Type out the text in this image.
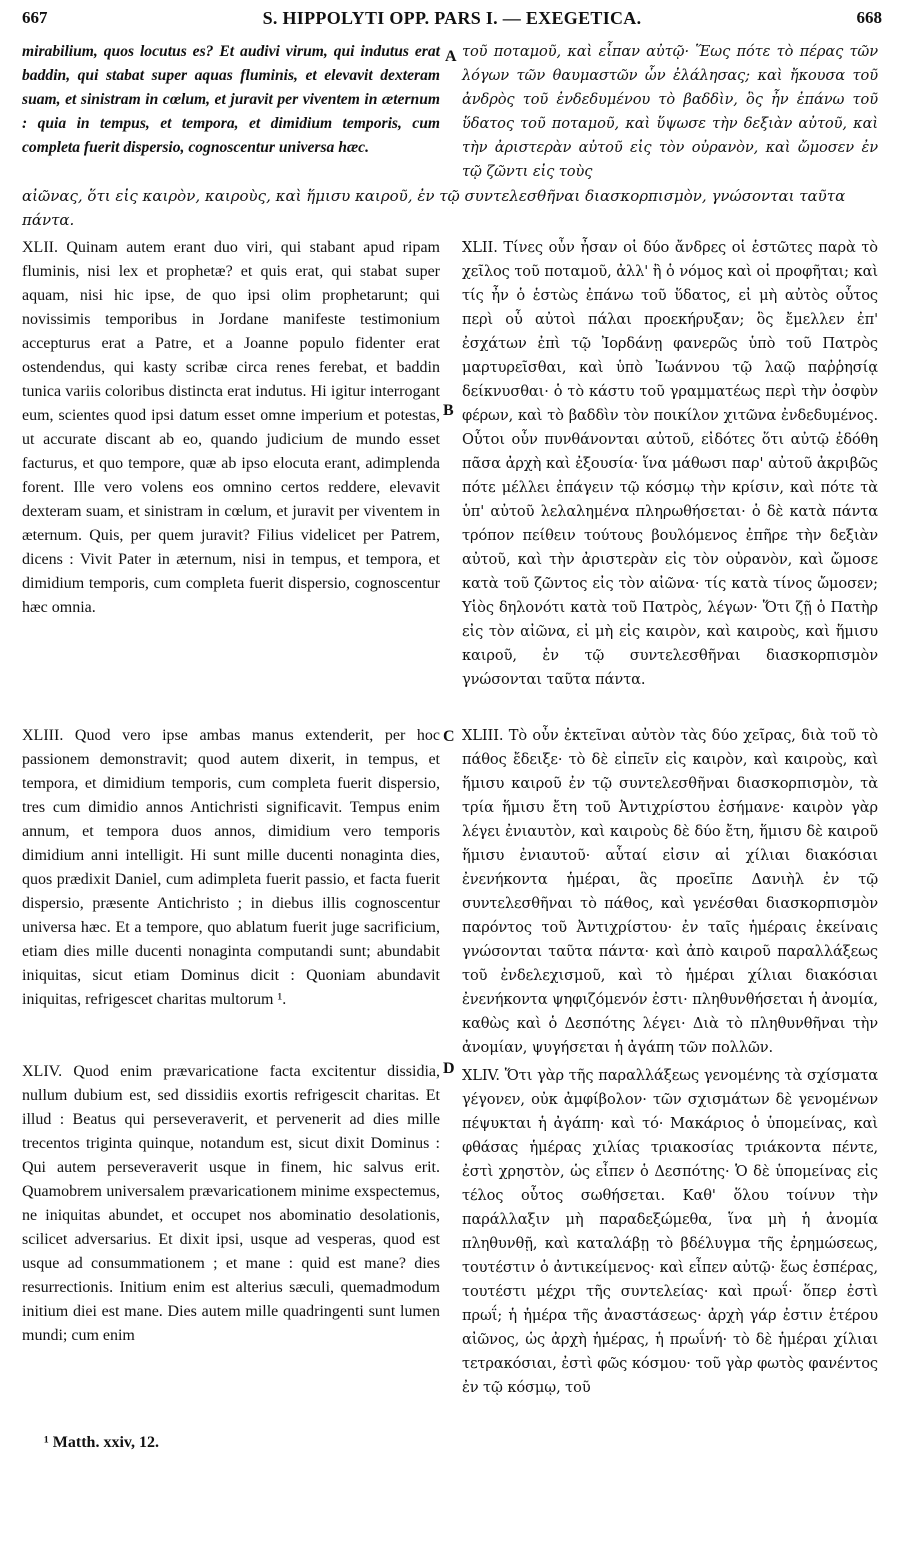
667	S. HIPPOLYTI OPP. PARS I. — EXEGETICA.	668

mirabilium, quos locutus es? Et audivi virum, qui indutus erat baddin, qui stabat super aquas fluminis, et elevavit dexteram suam, et sinistram in cœlum, et juravit per viventem in æternum : quia in tempus, et tempora, et dimidium temporis, cum completa fuerit dispersio, cognoscentur universa hæc.

A τοῦ ποταμοῦ, καὶ εἶπαν αὐτῷ· Ἕως πότε τὸ πέρας τῶν λόγων τῶν θαυμαστῶν ὧν ἐλάλησας; καὶ ἤκουσα τοῦ ἀνδρὸς τοῦ ἐνδεδυμένου τὸ βαδδὶν, ὃς ἦν ἐπάνω τοῦ ὕδατος τοῦ ποταμοῦ, καὶ ὕψωσε τὴν δεξιὰν αὐτοῦ, καὶ τὴν ἀριστερὰν αὐτοῦ εἰς τὸν οὐρανὸν, καὶ ὤμοσεν ἐν τῷ ζῶντι εἰς τοὺς

αἰῶνας, ὅτι εἰς καιρὸν, καιροὺς, καὶ ἥμισυ καιροῦ, ἐν τῷ συντελεσθῆναι διασκορπισμὸν, γνώσονται ταῦτα πάντα.

XLII. Quinam autem erant duo viri, qui stabant apud ripam fluminis, nisi lex et prophetæ? et quis erat, qui stabat super aquam, nisi hic ipse, de quo ipsi olim prophetarunt; qui novissimis temporibus in Jordane manifeste testimonium accepturus erat a Patre, et a Joanne populo fidenter erat ostendendus, qui kasty scribæ circa renes ferebat, et baddin tunica variis coloribus distincta erat indutus. Hi igitur interrogant eum, scientes quod ipsi datum esset omne imperium et potestas, ut accurate discant ab eo, quando judicium de mundo esset facturus, et quo tempore, quæ ab ipso elocuta erant, adimplenda forent. Ille vero volens eos omnino certos reddere, elevavit dexteram suam, et sinistram in cœlum, et juravit per viventem in æternum. Quis, per quem juravit? Filius videlicet per Patrem, dicens : Vivit Pater in æternum, nisi in tempus, et tempora, et dimidium temporis, cum completa fuerit dispersio, cognoscentur hæc omnia.

B

XLII. Τίνες οὖν ἦσαν οἱ δύο ἄνδρες οἱ ἑστῶτες παρὰ τὸ χεῖλος τοῦ ποταμοῦ, ἀλλ' ἢ ὁ νόμος καὶ οἱ προφῆται; καὶ τίς ἦν ὁ ἑστὼς ἐπάνω τοῦ ὕδατος, εἰ μὴ αὐτὸς οὗτος περὶ οὗ αὐτοὶ πάλαι προεκήρυξαν; ὃς ἔμελλεν ἐπ' ἐσχάτων ἐπὶ τῷ Ἰορδάνῃ φανερῶς ὑπὸ τοῦ Πατρὸς μαρτυρεῖσθαι, καὶ ὑπὸ Ἰωάννου τῷ λαῷ παῤῥησίᾳ δείκνυσθαι· ὁ τὸ κάστυ τοῦ γραμματέως περὶ τὴν ὀσφὺν φέρων, καὶ τὸ βαδδὶν τὸν ποικίλον χιτῶνα ἐνδεδυμένος. Οὗτοι οὖν πυνθάνονται αὐτοῦ, εἰδότες ὅτι αὐτῷ ἐδόθη πᾶσα ἀρχὴ καὶ ἐξουσία· ἵνα μάθωσι παρ' αὐτοῦ ἀκριβῶς πότε μέλλει ἐπάγειν τῷ κόσμῳ τὴν κρίσιν, καὶ πότε τὰ ὑπ' αὐτοῦ λελαλημένα πληρωθήσεται· ὁ δὲ κατὰ πάντα τρόπον πείθειν τούτους βουλόμενος ἐπῆρε τὴν δεξιὰν αὐτοῦ, καὶ τὴν ἀριστερὰν εἰς τὸν οὐρανὸν, καὶ ὤμοσε κατὰ τοῦ ζῶντος εἰς τὸν αἰῶνα· τίς κατὰ τίνος ὤμοσεν; Υἱὸς δηλονότι κατὰ τοῦ Πατρὸς, λέγων· Ὅτι ζῇ ὁ Πατὴρ εἰς τὸν αἰῶνα, εἰ μὴ εἰς καιρὸν, καὶ καιροὺς, καὶ ἥμισυ καιροῦ, ἐν τῷ συντελεσθῆναι διασκορπισμὸν γνώσονται ταῦτα πάντα.

XLIII. Quod vero ipse ambas manus extenderit, per hoc passionem demonstravit; quod autem dixerit, in tempus, et tempora, et dimidium temporis, cum completa fuerit dispersio, tres cum dimidio annos Antichristi significavit. Tempus enim annum, et tempora duos annos, dimidium vero temporis dimidium anni intelligit. Hi sunt mille ducenti nonaginta dies, quos prædixit Daniel, cum adimpleta fuerit passio, et facta fuerit dispersio, præsente Antichristo ; in diebus illis cognoscentur universa hæc. Et a tempore, quo ablatum fuerit juge sacrificium, etiam dies mille ducenti nonaginta computandi sunt; abundabit iniquitas, sicut etiam Dominus dicit : Quoniam abundavit iniquitas, refrigescet charitas multorum ¹.

C XLIII. Τὸ οὖν ἐκτεῖναι αὐτὸν τὰς δύο χεῖρας, διὰ τοῦ τὸ πάθος ἔδειξε· τὸ δὲ εἰπεῖν εἰς καιρὸν, καὶ καιροὺς, καὶ ἥμισυ καιροῦ ἐν τῷ συντελεσθῆναι διασκορπισμὸν, τὰ τρία ἥμισυ ἔτη τοῦ Ἀντιχρίστου ἐσήμανε· καιρὸν γὰρ λέγει ἐνιαυτὸν, καὶ καιροὺς δὲ δύο ἔτη, ἥμισυ δὲ καιροῦ ἥμισυ ἐνιαυτοῦ· αὗταί εἰσιν αἱ χίλιαι διακόσιαι ἐνενήκοντα ἡμέραι, ἃς προεῖπε Δανιὴλ ἐν τῷ συντελεσθῆναι τὸ πάθος, καὶ γενέσθαι διασκορπισμὸν παρόντος τοῦ Ἀντιχρίστου· ἐν ταῖς ἡμέραις ἐκείναις γνώσονται ταῦτα πάντα· καὶ ἀπὸ καιροῦ παραλλάξεως τοῦ ἐνδελεχισμοῦ, καὶ τὸ ἡμέραι χίλιαι διακόσιαι ἐνενήκοντα ψηφιζόμενόν ἐστι· πληθυνθήσεται ἡ ἀνομία, καθὼς καὶ ὁ Δεσπότης λέγει· Διὰ τὸ πληθυνθῆναι τὴν ἀνομίαν, ψυγήσεται ἡ ἀγάπη τῶν πολλῶν.

XLIV. Quod enim prævaricatione facta excitentur dissidia, nullum dubium est, sed dissidiis exortis refrigescit charitas. Et illud : Beatus qui perseveraverit, et pervenerit ad dies mille trecentos triginta quinque, notandum est, sicut dixit Dominus : Qui autem perseveraverit usque in finem, hic salvus erit. Quamobrem universalem prævaricationem minime exspectemus, ne iniquitas abundet, et occupet nos abominatio desolationis, scilicet adversarius. Et dixit ipsi, usque ad vesperas, quod est usque ad consummationem ; et mane : quid est mane? dies resurrectionis. Initium enim est alterius sæculi, quemadmodum initium diei est mane. Dies autem mille quadringenti sunt lumen mundi; cum enim

D XLIV. Ὅτι γὰρ τῆς παραλλάξεως γενομένης τὰ σχίσματα γέγονεν, οὐκ ἀμφίβολον· τῶν σχισμάτων δὲ γενομένων πέψυκται ἡ ἀγάπη· καὶ τό· Μακάριος ὁ ὑπομείνας, καὶ φθάσας ἡμέρας χιλίας τριακοσίας τριάκοντα πέντε, ἐστὶ χρηστὸν, ὡς εἶπεν ὁ Δεσπότης· Ὁ δὲ ὑπομείνας εἰς τέλος οὗτος σωθήσεται. Καθ' ὅλου τοίνυν τὴν παράλλαξιν μὴ παραδεξώμεθα, ἵνα μὴ ἡ ἀνομία πληθυνθῇ, καὶ καταλάβῃ τὸ βδέλυγμα τῆς ἐρημώσεως, τουτέστιν ὁ ἀντικείμενος· καὶ εἶπεν αὐτῷ· ἕως ἑσπέρας, τουτέστι μέχρι τῆς συντελείας· καὶ πρωΐ· ὅπερ ἐστὶ πρωΐ; ἡ ἡμέρα τῆς ἀναστάσεως· ἀρχὴ γάρ ἐστιν ἑτέρου αἰῶνος, ὡς ἀρχὴ ἡμέρας, ἡ πρωΐνή· τὸ δὲ ἡμέραι χίλιαι τετρακόσιαι, ἐστὶ φῶς κόσμου· τοῦ γὰρ φωτὸς φανέντος ἐν τῷ κόσμῳ, τοῦ

¹ Matth. xxiv, 12.
